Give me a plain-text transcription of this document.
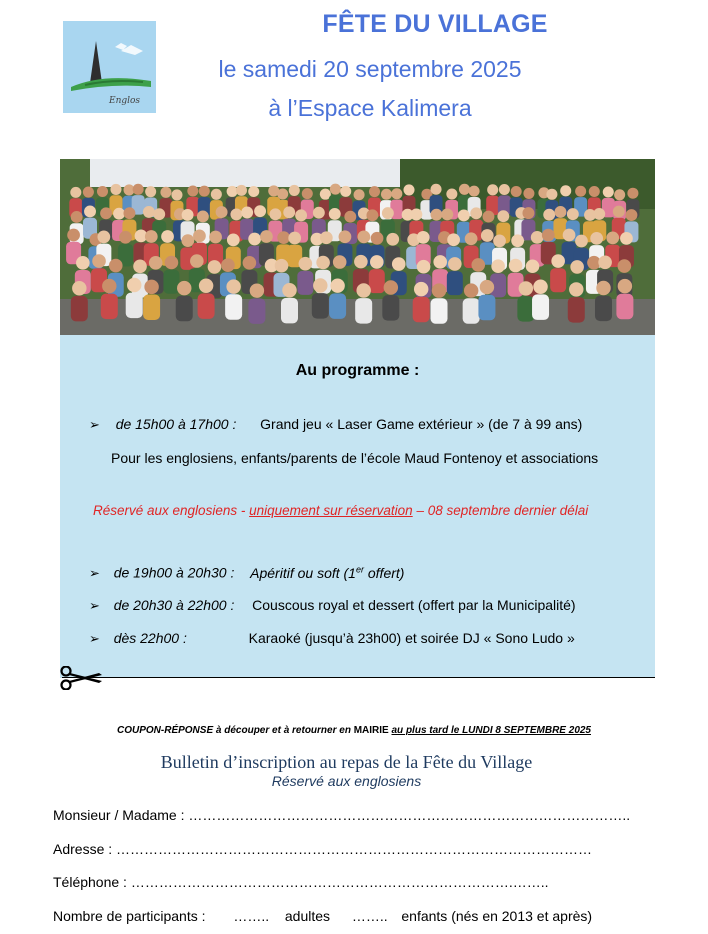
Englos
FÊTE DU VILLAGE
le samedi 20 septembre 2025
à l’Espace Kalimera
Au programme :
➢ de 15h00 à 17h00 : Grand jeu « Laser Game extérieur » (de 7 à 99 ans)
Pour les englosiens, enfants/parents de l’école Maud Fontenoy et associations
Réservé aux englosiens - uniquement sur réservation – 08 septembre dernier délai
➢ de 19h00 à 20h30 : Apéritif ou soft (1er offert)
➢ de 20h30 à 22h00 : Couscous royal et dessert (offert par la Municipalité)
➢ dès 22h00 :	Karaoké (jusqu’à 23h00) et soirée DJ « Sono Ludo »
COUPON-RÉPONSE à découper et à retourner en MAIRIE au plus tard le LUNDI 8 SEPTEMBRE 2025
Bulletin d’inscription au repas de la Fête du Village
Réservé aux englosiens
Monsieur / Madame : …………………………………………………………………………………..
Adresse : …………………………………………………………………………………………
Téléphone : ……………………………………………………………………….……..
Nombre de participants : …….. adultes …….. enfants (nés en 2013 et après)
